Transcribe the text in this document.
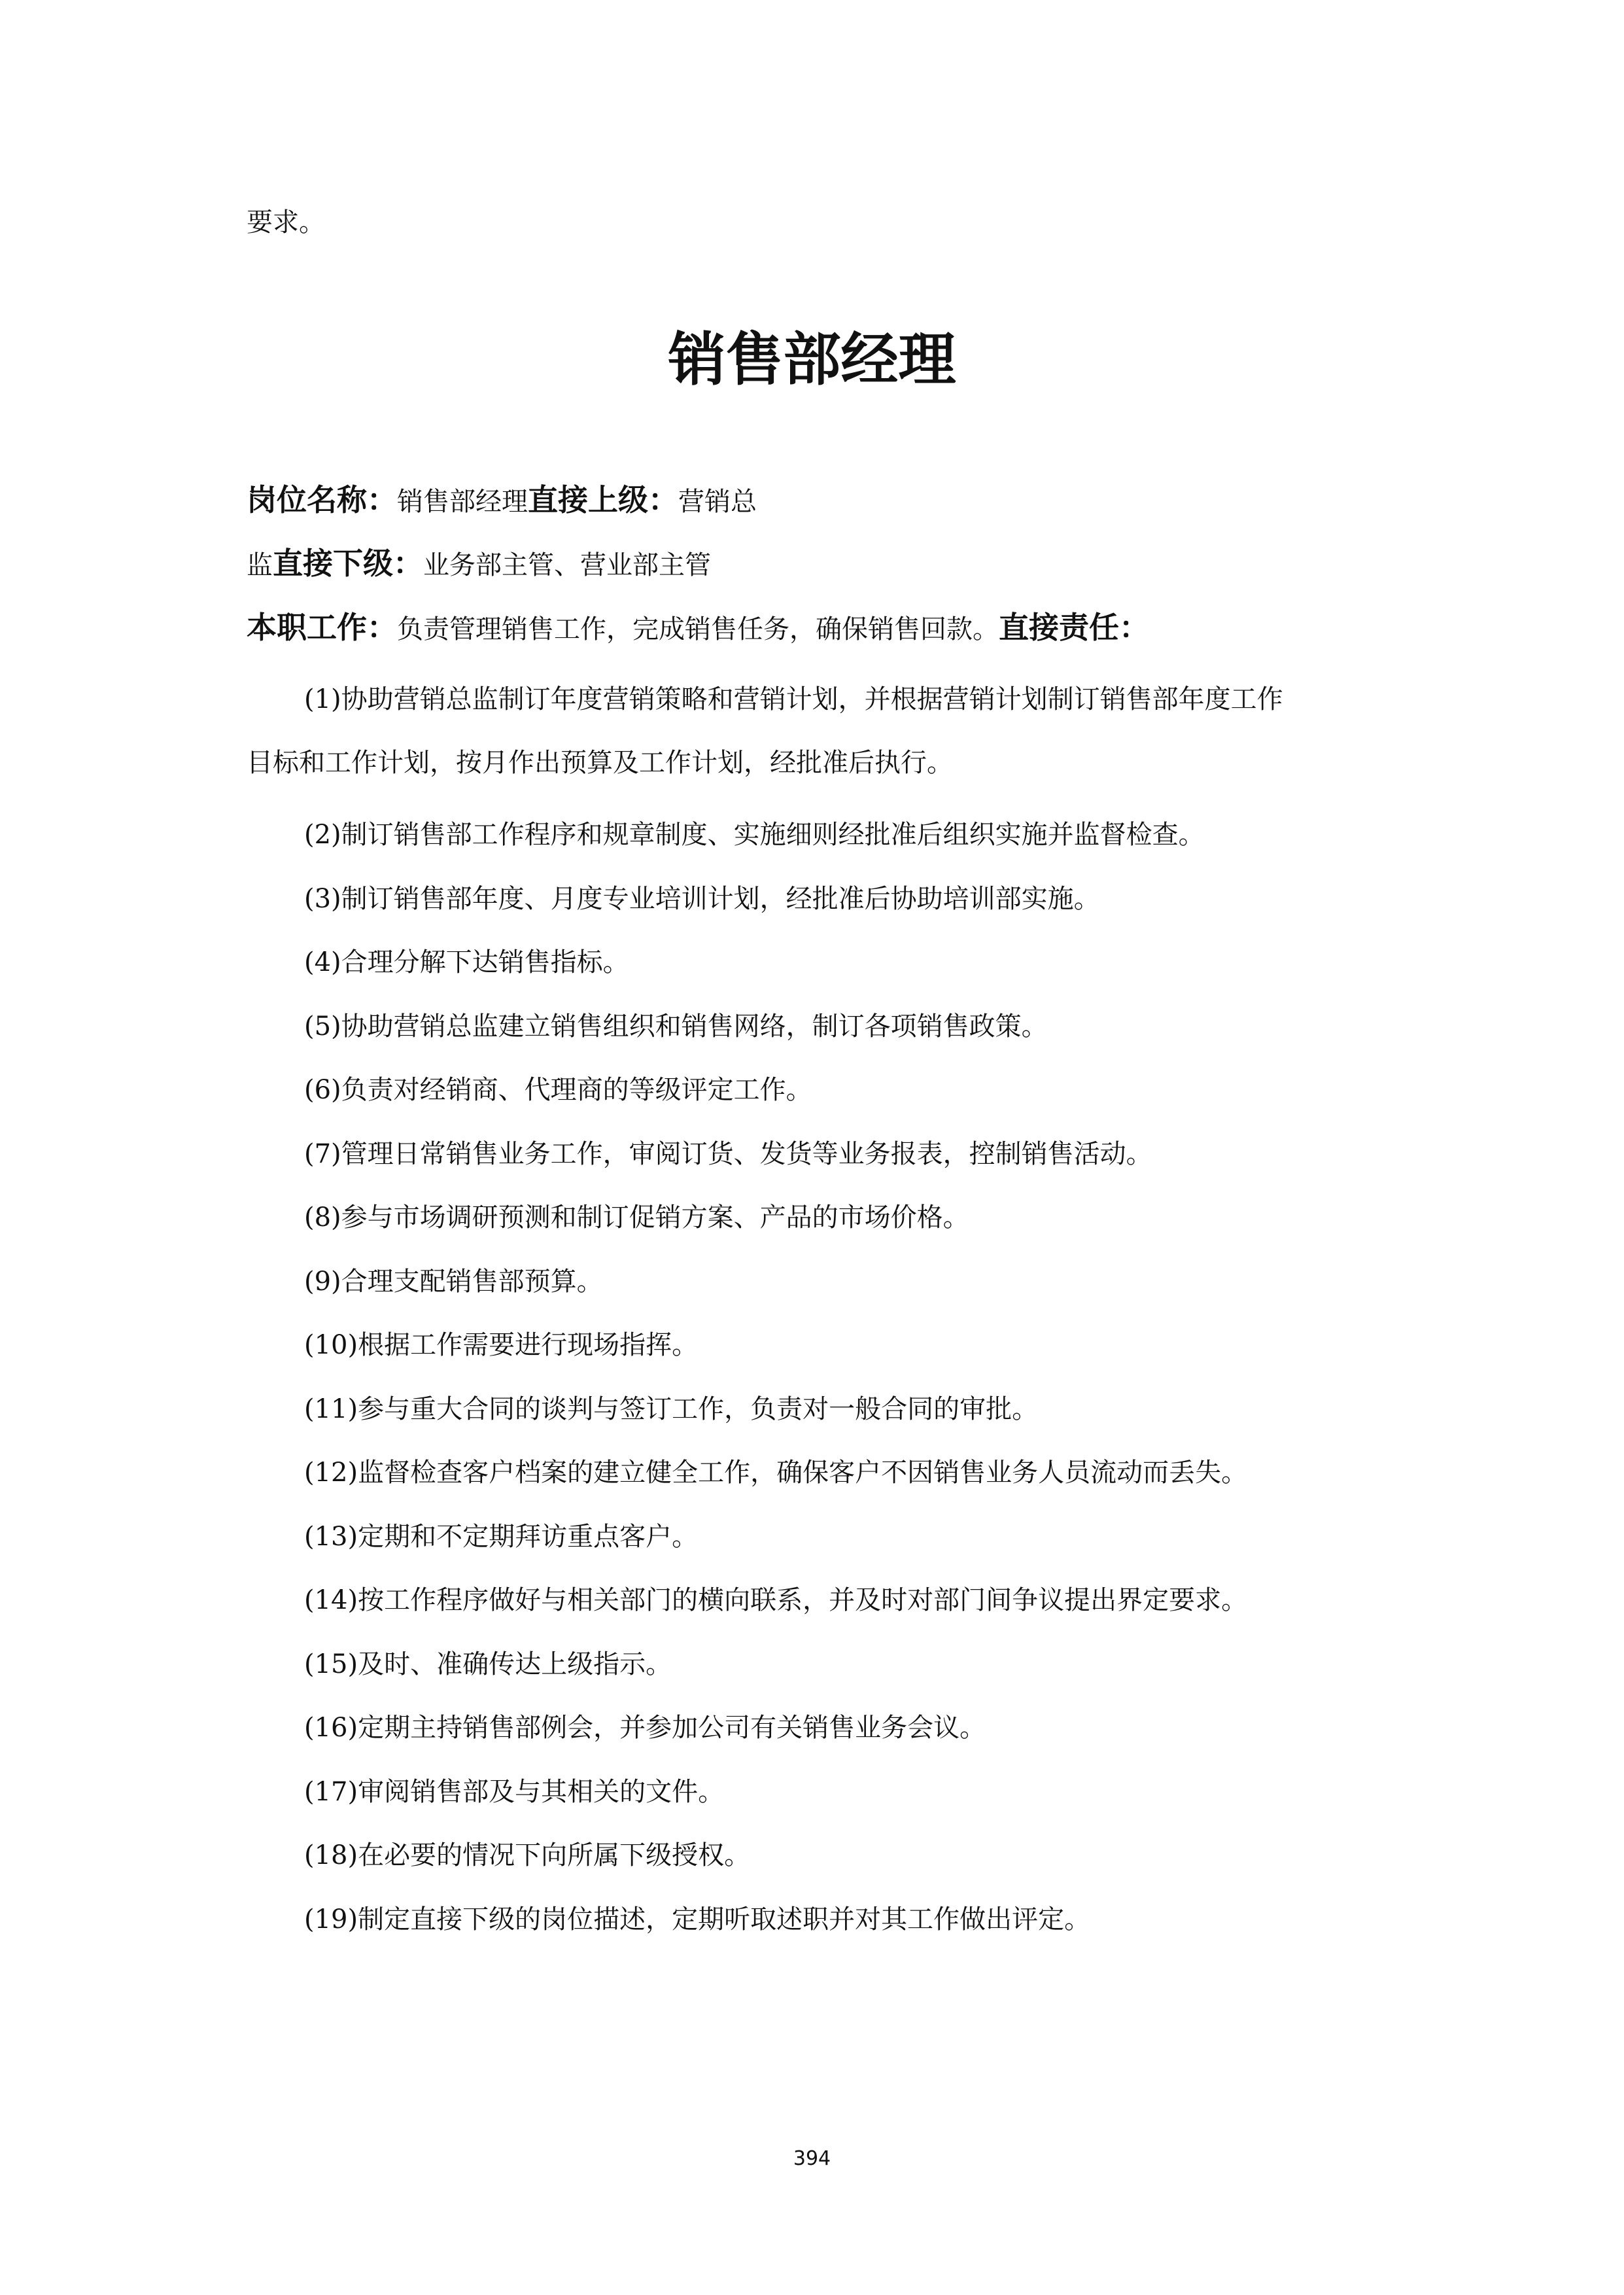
要求。
销售部经理
岗位名称：销售部经理直接上级：营销总
监直接下级：业务部主管、营业部主管
本职工作：负责管理销售工作，完成销售任务，确保销售回款。直接责任：
(1)协助营销总监制订年度营销策略和营销计划，并根据营销计划制订销售部年度工作
目标和工作计划，按月作出预算及工作计划，经批准后执行。
(2)制订销售部工作程序和规章制度、实施细则经批准后组织实施并监督检查。
(3)制订销售部年度、月度专业培训计划，经批准后协助培训部实施。
(4)合理分解下达销售指标。
(5)协助营销总监建立销售组织和销售网络，制订各项销售政策。
(6)负责对经销商、代理商的等级评定工作。
(7)管理日常销售业务工作，审阅订货、发货等业务报表，控制销售活动。
(8)参与市场调研预测和制订促销方案、产品的市场价格。
(9)合理支配销售部预算。
(10)根据工作需要进行现场指挥。
(11)参与重大合同的谈判与签订工作，负责对一般合同的审批。
(12)监督检查客户档案的建立健全工作，确保客户不因销售业务人员流动而丢失。
(13)定期和不定期拜访重点客户。
(14)按工作程序做好与相关部门的横向联系，并及时对部门间争议提出界定要求。
(15)及时、准确传达上级指示。
(16)定期主持销售部例会，并参加公司有关销售业务会议。
(17)审阅销售部及与其相关的文件。
(18)在必要的情况下向所属下级授权。
(19)制定直接下级的岗位描述，定期听取述职并对其工作做出评定。
394
